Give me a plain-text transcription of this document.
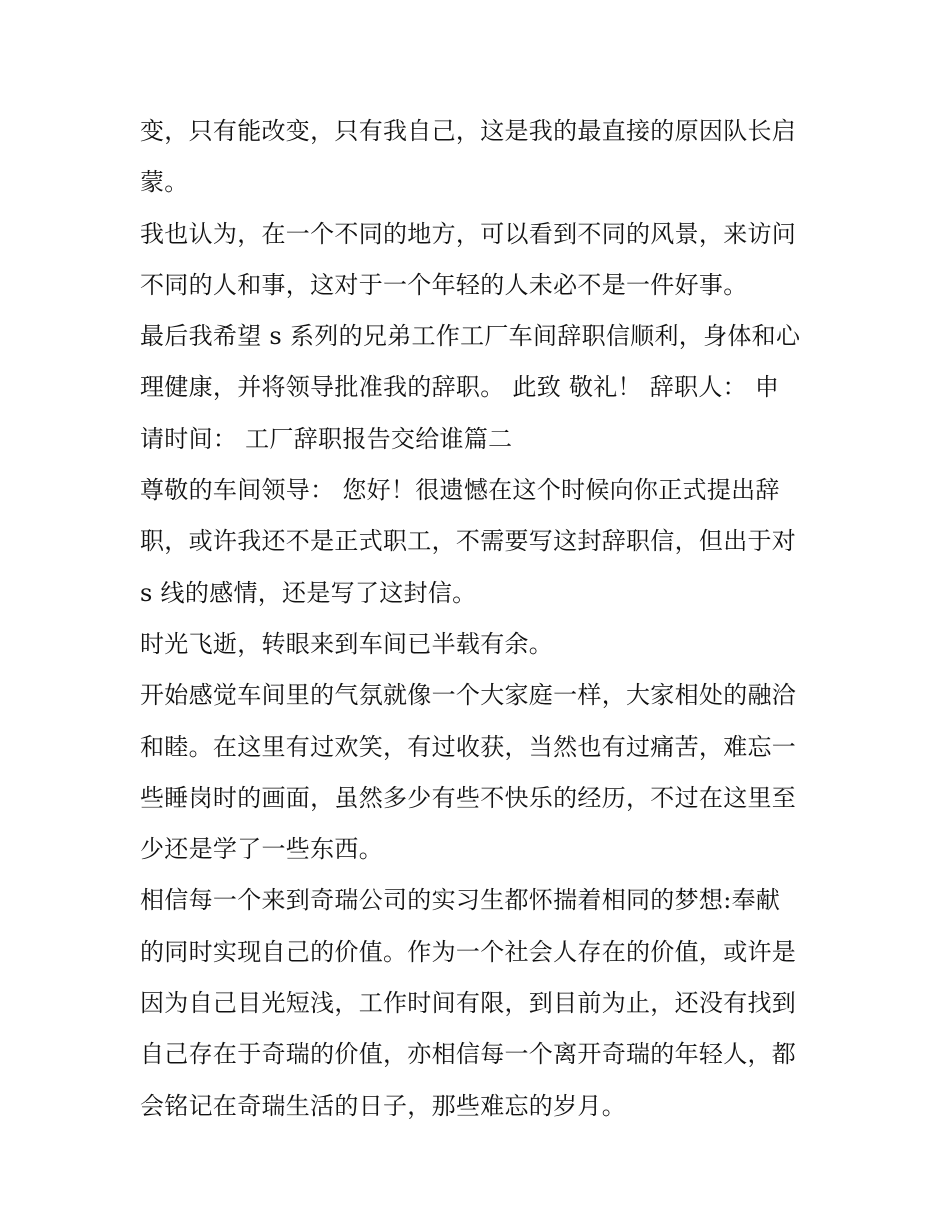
变，只有能改变，只有我自己，这是我的最直接的原因队长启
蒙。
我也认为，在一个不同的地方，可以看到不同的风景，来访问
不同的人和事，这对于一个年轻的人未必不是一件好事。
最后我希望 s 系列的兄弟工作工厂车间辞职信顺利，身体和心
理健康，并将领导批准我的辞职。 此致 敬礼！ 辞职人： 申
请时间： 工厂辞职报告交给谁篇二
尊敬的车间领导： 您好！很遗憾在这个时候向你正式提出辞
职，或许我还不是正式职工，不需要写这封辞职信，但出于对
s 线的感情，还是写了这封信。
时光飞逝，转眼来到车间已半载有余。
开始感觉车间里的气氛就像一个大家庭一样，大家相处的融洽
和睦。在这里有过欢笑，有过收获，当然也有过痛苦，难忘一
些睡岗时的画面，虽然多少有些不快乐的经历，不过在这里至
少还是学了一些东西。
相信每一个来到奇瑞公司的实习生都怀揣着相同的梦想:奉献
的同时实现自己的价值。作为一个社会人存在的价值，或许是
因为自己目光短浅，工作时间有限，到目前为止，还没有找到
自己存在于奇瑞的价值，亦相信每一个离开奇瑞的年轻人，都
会铭记在奇瑞生活的日子，那些难忘的岁月。
